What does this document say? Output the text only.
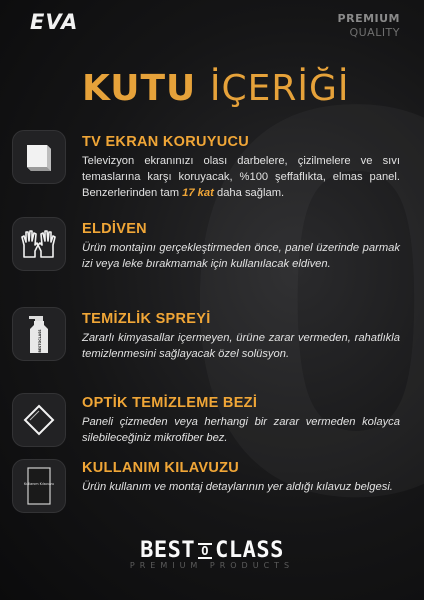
EVA	PREMIUM
QUALITY
KUTU İÇERİĞİ
TV EKRAN KORUYUCU
Televizyon ekranınızı olası darbelere, çizilmelere ve sıvı temaslarına karşı koruyacak, %100 şeffaflıkta, elmas panel. Benzerlerinden tam 17 kat daha sağlam.
ELDİVEN
Ürün montajını gerçekleştirmeden önce, panel üzerinde parmak izi veya leke bırakmamak için kullanılacak eldiven.
BESTOCLASS
TEMİZLİK SPREYİ
Zararlı kimyasallar içermeyen, ürüne zarar vermeden, rahatlıkla temizlenmesini sağlayacak özel solüsyon.
OPTİK TEMİZLEME BEZİ
Paneli çizmeden veya herhangi bir zarar vermeden kolayca silebileceğiniz mikrofiber bez.
Kullanım Kılavuzu
KULLANIM KILAVUZU
Ürün kullanım ve montaj detaylarının yer aldığı kılavuz belgesi.
BEST O CLASS
PREMIUM PRODUCTS
